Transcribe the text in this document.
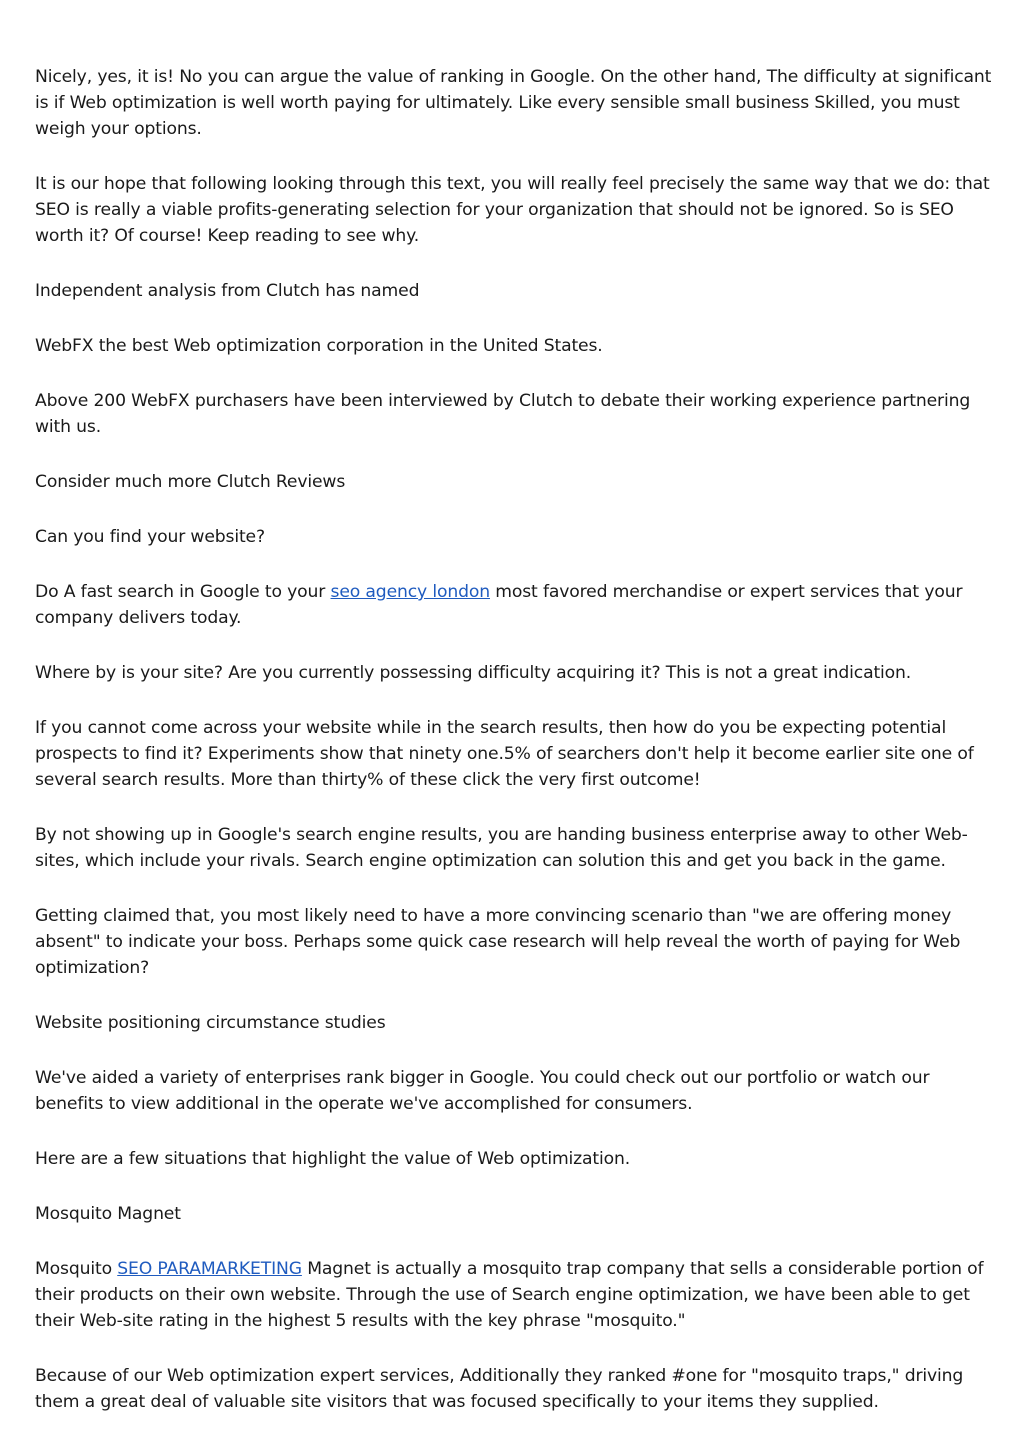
Nicely, yes, it is! No you can argue the value of ranking in Google. On the other hand, The difficulty at significant is if Web optimization is well worth paying for ultimately. Like every sensible small business Skilled, you must weigh your options.

It is our hope that following looking through this text, you will really feel precisely the same way that we do: that SEO is really a viable profits-generating selection for your organization that should not be ignored. So is SEO worth it? Of course! Keep reading to see why.

Independent analysis from Clutch has named

WebFX the best Web optimization corporation in the United States.

Above 200 WebFX purchasers have been interviewed by Clutch to debate their working experience partnering with us.

Consider much more Clutch Reviews

Can you find your website?

Do A fast search in Google to your seo agency london most favored merchandise or expert services that your company delivers today.

Where by is your site? Are you currently possessing difficulty acquiring it? This is not a great indication.

If you cannot come across your website while in the search results, then how do you be expecting potential prospects to find it? Experiments show that ninety one.5% of searchers don't help it become earlier site one of several search results. More than thirty% of these click the very first outcome!

By not showing up in Google's search engine results, you are handing business enterprise away to other Web-sites, which include your rivals. Search engine optimization can solution this and get you back in the game.

Getting claimed that, you most likely need to have a more convincing scenario than "we are offering money absent" to indicate your boss. Perhaps some quick case research will help reveal the worth of paying for Web optimization?

Website positioning circumstance studies

We've aided a variety of enterprises rank bigger in Google. You could check out our portfolio or watch our benefits to view additional in the operate we've accomplished for consumers.

Here are a few situations that highlight the value of Web optimization.

Mosquito Magnet

Mosquito SEO PARAMARKETING Magnet is actually a mosquito trap company that sells a considerable portion of their products on their own website. Through the use of Search engine optimization, we have been able to get their Web-site rating in the highest 5 results with the key phrase "mosquito."

Because of our Web optimization expert services, Additionally they ranked #one for "mosquito traps," driving them a great deal of valuable site visitors that was focused specifically to your items they supplied.
